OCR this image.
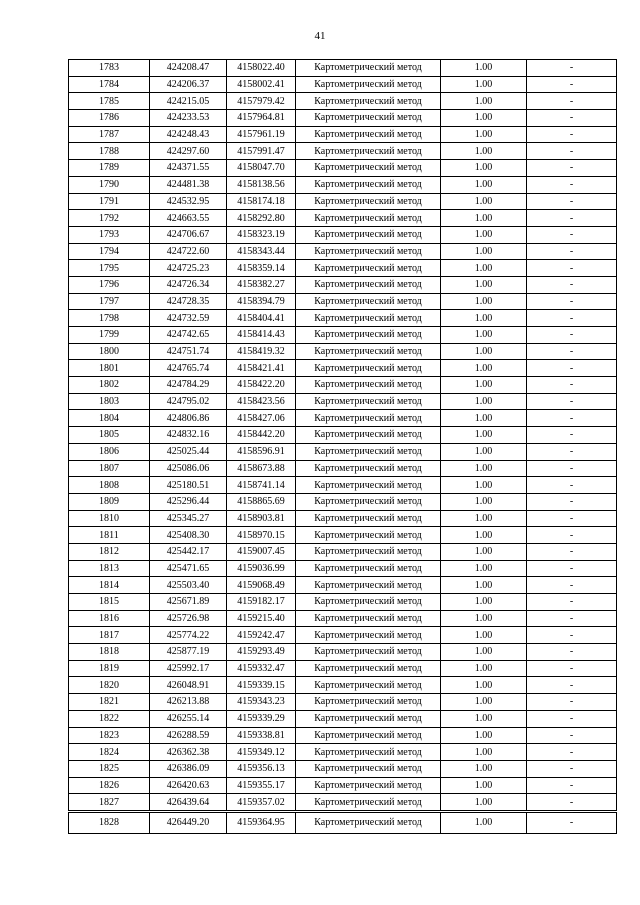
41
1783	424208.47	4158022.40	Картометрический метод	1.00	-
1784	424206.37	4158002.41	Картометрический метод	1.00	-
1785	424215.05	4157979.42	Картометрический метод	1.00	-
1786	424233.53	4157964.81	Картометрический метод	1.00	-
1787	424248.43	4157961.19	Картометрический метод	1.00	-
1788	424297.60	4157991.47	Картометрический метод	1.00	-
1789	424371.55	4158047.70	Картометрический метод	1.00	-
1790	424481.38	4158138.56	Картометрический метод	1.00	-
1791	424532.95	4158174.18	Картометрический метод	1.00	-
1792	424663.55	4158292.80	Картометрический метод	1.00	-
1793	424706.67	4158323.19	Картометрический метод	1.00	-
1794	424722.60	4158343.44	Картометрический метод	1.00	-
1795	424725.23	4158359.14	Картометрический метод	1.00	-
1796	424726.34	4158382.27	Картометрический метод	1.00	-
1797	424728.35	4158394.79	Картометрический метод	1.00	-
1798	424732.59	4158404.41	Картометрический метод	1.00	-
1799	424742.65	4158414.43	Картометрический метод	1.00	-
1800	424751.74	4158419.32	Картометрический метод	1.00	-
1801	424765.74	4158421.41	Картометрический метод	1.00	-
1802	424784.29	4158422.20	Картометрический метод	1.00	-
1803	424795.02	4158423.56	Картометрический метод	1.00	-
1804	424806.86	4158427.06	Картометрический метод	1.00	-
1805	424832.16	4158442.20	Картометрический метод	1.00	-
1806	425025.44	4158596.91	Картометрический метод	1.00	-
1807	425086.06	4158673.88	Картометрический метод	1.00	-
1808	425180.51	4158741.14	Картометрический метод	1.00	-
1809	425296.44	4158865.69	Картометрический метод	1.00	-
1810	425345.27	4158903.81	Картометрический метод	1.00	-
1811	425408.30	4158970.15	Картометрический метод	1.00	-
1812	425442.17	4159007.45	Картометрический метод	1.00	-
1813	425471.65	4159036.99	Картометрический метод	1.00	-
1814	425503.40	4159068.49	Картометрический метод	1.00	-
1815	425671.89	4159182.17	Картометрический метод	1.00	-
1816	425726.98	4159215.40	Картометрический метод	1.00	-
1817	425774.22	4159242.47	Картометрический метод	1.00	-
1818	425877.19	4159293.49	Картометрический метод	1.00	-
1819	425992.17	4159332.47	Картометрический метод	1.00	-
1820	426048.91	4159339.15	Картометрический метод	1.00	-
1821	426213.88	4159343.23	Картометрический метод	1.00	-
1822	426255.14	4159339.29	Картометрический метод	1.00	-
1823	426288.59	4159338.81	Картометрический метод	1.00	-
1824	426362.38	4159349.12	Картометрический метод	1.00	-
1825	426386.09	4159356.13	Картометрический метод	1.00	-
1826	426420.63	4159355.17	Картометрический метод	1.00	-
1827	426439.64	4159357.02	Картометрический метод	1.00	-
1828	426449.20	4159364.95	Картометрический метод	1.00	-
